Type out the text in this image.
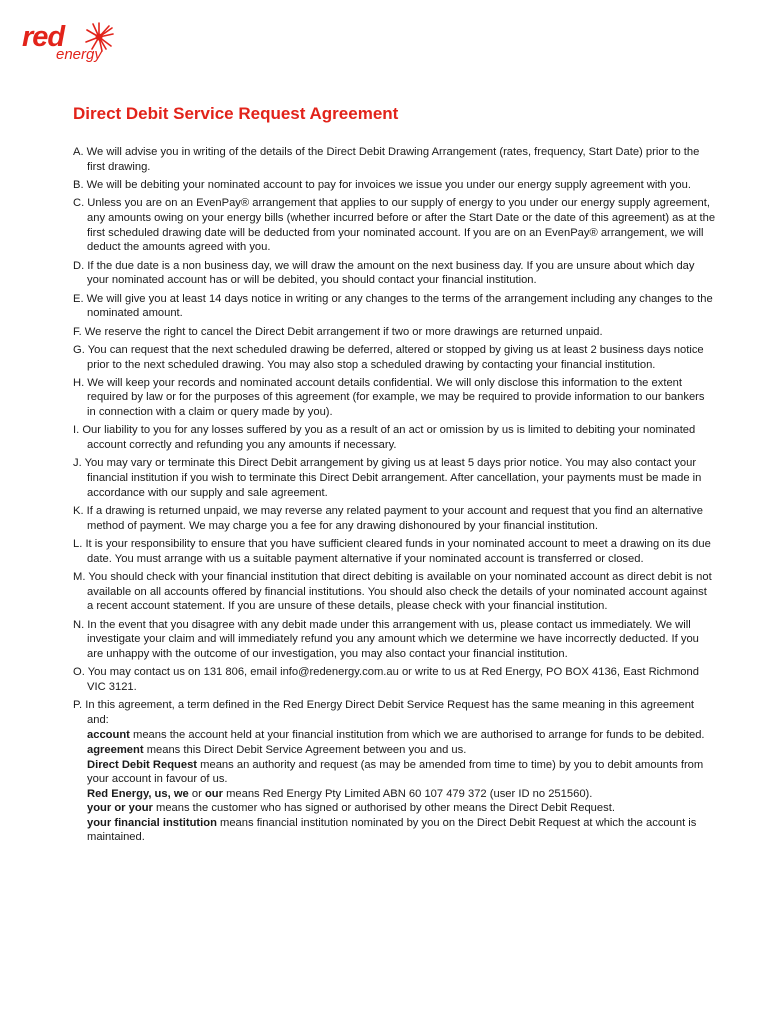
red
energy
Direct Debit Service Request Agreement

A. We will advise you in writing of the details of the Direct Debit Drawing Arrangement (rates, frequency, Start Date) prior to the first drawing.

B. We will be debiting your nominated account to pay for invoices we issue you under our energy supply agreement with you.

C. Unless you are on an EvenPay® arrangement that applies to our supply of energy to you under our energy supply agreement, any amounts owing on your energy bills (whether incurred before or after the Start Date or the date of this agreement) as at the first scheduled drawing date will be deducted from your nominated account. If you are on an EvenPay® arrangement, we will deduct the amounts agreed with you.

D. If the due date is a non business day, we will draw the amount on the next business day. If you are unsure about which day your nominated account has or will be debited, you should contact your financial institution.

E. We will give you at least 14 days notice in writing or any changes to the terms of the arrangement including any changes to the nominated amount.

F. We reserve the right to cancel the Direct Debit arrangement if two or more drawings are returned unpaid.

G. You can request that the next scheduled drawing be deferred, altered or stopped by giving us at least 2 business days notice prior to the next scheduled drawing. You may also stop a scheduled drawing by contacting your financial institution.

H. We will keep your records and nominated account details confidential. We will only disclose this information to the extent required by law or for the purposes of this agreement (for example, we may be required to provide information to our bankers in connection with a claim or query made by you).

I. Our liability to you for any losses suffered by you as a result of an act or omission by us is limited to debiting your nominated account correctly and refunding you any amounts if necessary.

J. You may vary or terminate this Direct Debit arrangement by giving us at least 5 days prior notice. You may also contact your financial institution if you wish to terminate this Direct Debit arrangement. After cancellation, your payments must be made in accordance with our supply and sale agreement.

K. If a drawing is returned unpaid, we may reverse any related payment to your account and request that you find an alternative method of payment. We may charge you a fee for any drawing dishonoured by your financial institution.

L. It is your responsibility to ensure that you have sufficient cleared funds in your nominated account to meet a drawing on its due date. You must arrange with us a suitable payment alternative if your nominated account is transferred or closed.

M. You should check with your financial institution that direct debiting is available on your nominated account as direct debit is not available on all accounts offered by financial institutions. You should also check the details of your nominated account against a recent account statement. If you are unsure of these details, please check with your financial institution.

N. In the event that you disagree with any debit made under this arrangement with us, please contact us immediately. We will investigate your claim and will immediately refund you any amount which we determine we have incorrectly deducted. If you are unhappy with the outcome of our investigation, you may also contact your financial institution.

O. You may contact us on 131 806, email info@redenergy.com.au or write to us at Red Energy, PO BOX 4136, East Richmond VIC 3121.

P. In this agreement, a term defined in the Red Energy Direct Debit Service Request has the same meaning in this agreement and:

account means the account held at your financial institution from which we are authorised to arrange for funds to be debited.

agreement means this Direct Debit Service Agreement between you and us.

Direct Debit Request means an authority and request (as may be amended from time to time) by you to debit amounts from your account in favour of us.

Red Energy, us, we or our means Red Energy Pty Limited ABN 60 107 479 372 (user ID no 251560).

your or your means the customer who has signed or authorised by other means the Direct Debit Request.

your financial institution means financial institution nominated by you on the Direct Debit Request at which the account is maintained.
